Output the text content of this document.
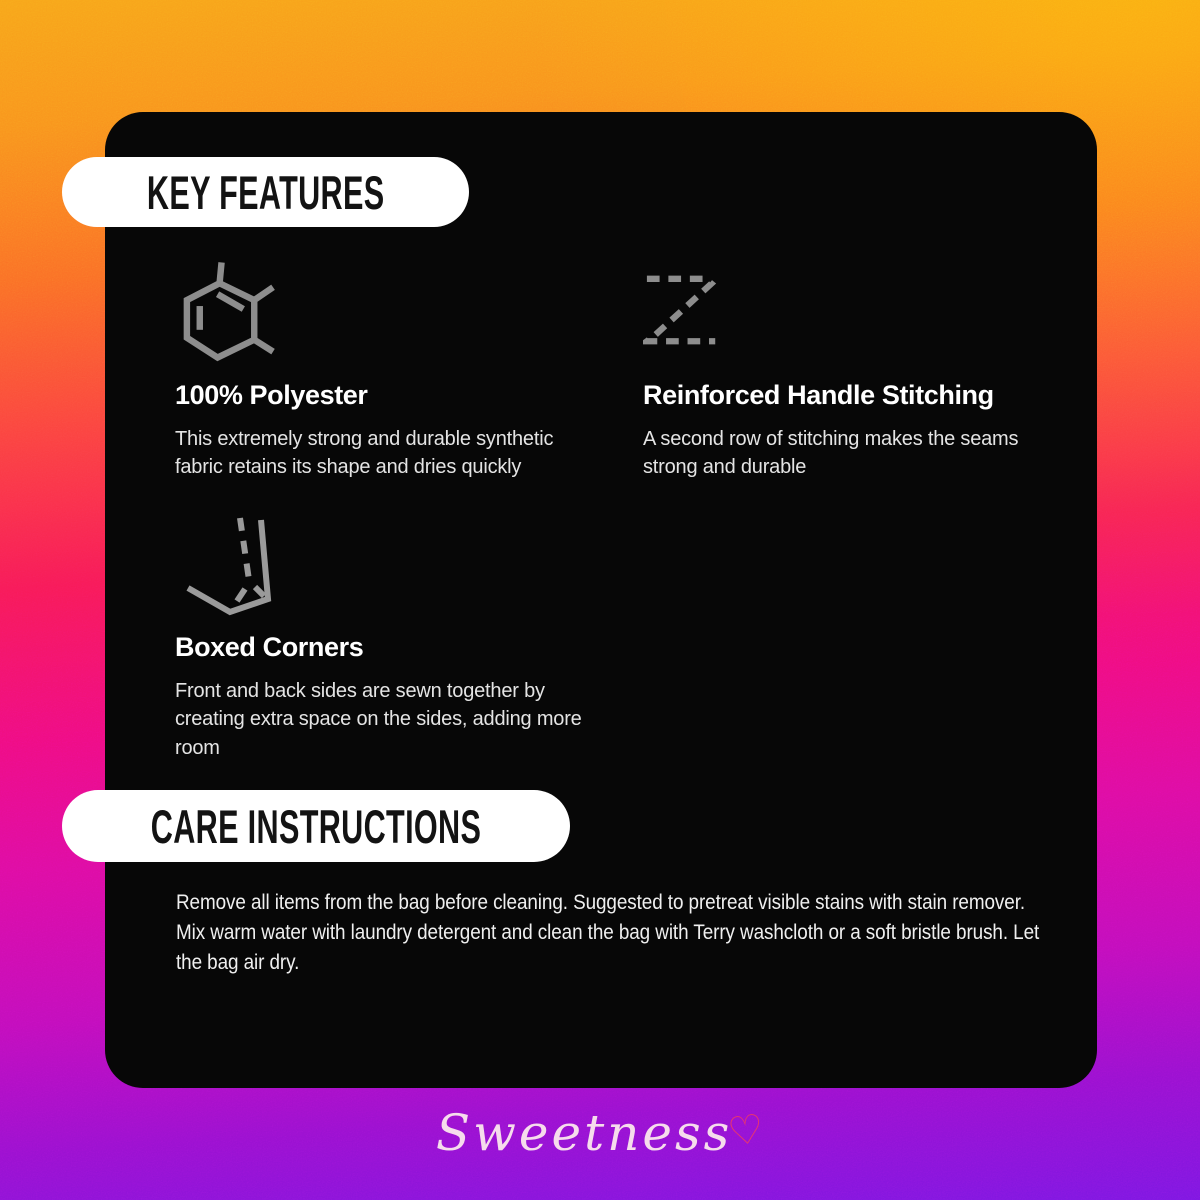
KEY FEATURES
100% Polyester

This extremely strong and durable synthetic fabric retains its shape and dries quickly

Reinforced Handle Stitching

A second row of stitching makes the seams strong and durable

Boxed Corners

Front and back sides are sewn together by creating extra space on the sides, adding more room

CARE INSTRUCTIONS
Remove all items from the bag before cleaning. Suggested to pretreat visible stains with stain remover. Mix warm water with laundry detergent and clean the bag with Terry washcloth or a soft bristle brush. Let the bag air dry.
Sweetness♡
